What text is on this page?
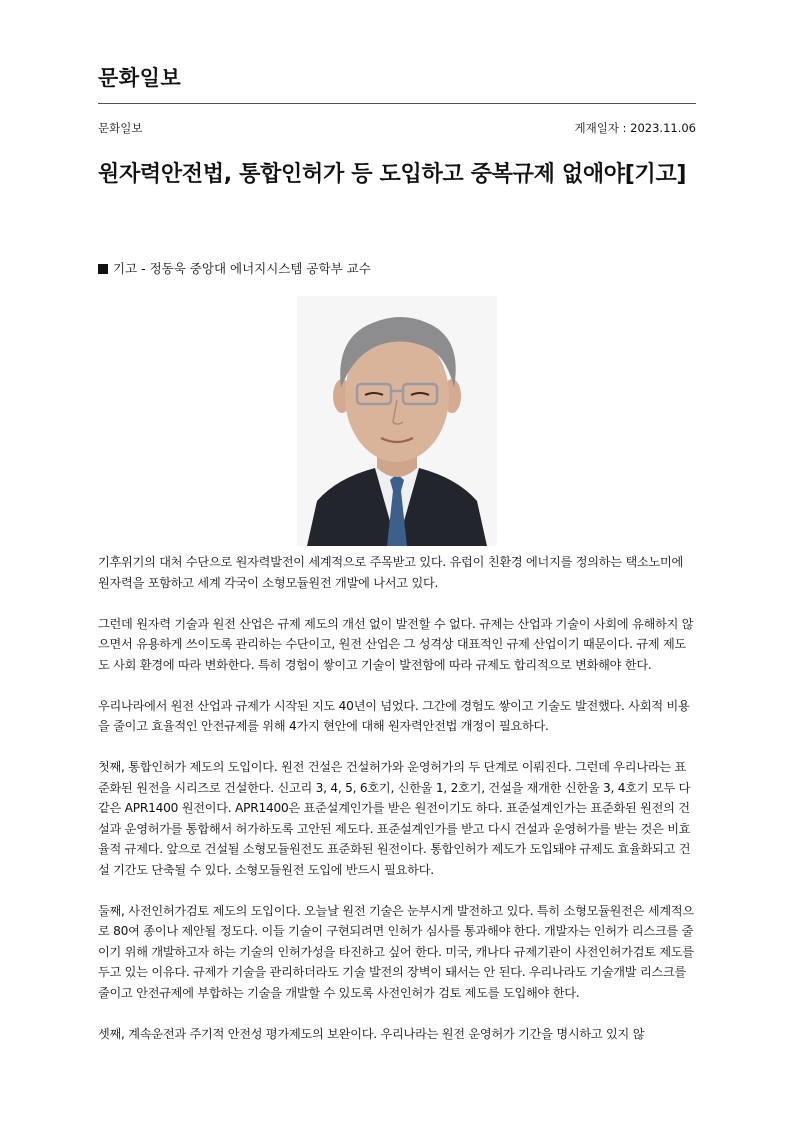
문화일보
문화일보	게재일자 : 2023.11.06
원자력안전법, 통합인허가 등 도입하고 중복규제 없애야[기고]
기고 - 정동욱 중앙대 에너지시스템 공학부 교수

기후위기의 대처 수단으로 원자력발전이 세계적으로 주목받고 있다. 유럽이 친환경 에너지를 정의하는 택소노미에 원자력을 포함하고 세계 각국이 소형모듈원전 개발에 나서고 있다.

그런데 원자력 기술과 원전 산업은 규제 제도의 개선 없이 발전할 수 없다. 규제는 산업과 기술이 사회에 유해하지 않으면서 유용하게 쓰이도록 관리하는 수단이고, 원전 산업은 그 성격상 대표적인 규제 산업이기 때문이다. 규제 제도도 사회 환경에 따라 변화한다. 특히 경험이 쌓이고 기술이 발전함에 따라 규제도 합리적으로 변화해야 한다.

우리나라에서 원전 산업과 규제가 시작된 지도 40년이 넘었다. 그간에 경험도 쌓이고 기술도 발전했다. 사회적 비용을 줄이고 효율적인 안전규제를 위해 4가지 현안에 대해 원자력안전법 개정이 필요하다.

첫째, 통합인허가 제도의 도입이다. 원전 건설은 건설허가와 운영허가의 두 단계로 이뤄진다. 그런데 우리나라는 표준화된 원전을 시리즈로 건설한다. 신고리 3, 4, 5, 6호기, 신한울 1, 2호기, 건설을 재개한 신한울 3, 4호기 모두 다 같은 APR1400 원전이다. APR1400은 표준설계인가를 받은 원전이기도 하다. 표준설계인가는 표준화된 원전의 건설과 운영허가를 통합해서 허가하도록 고안된 제도다. 표준설계인가를 받고 다시 건설과 운영허가를 받는 것은 비효율적 규제다. 앞으로 건설될 소형모듈원전도 표준화된 원전이다. 통합인허가 제도가 도입돼야 규제도 효율화되고 건설 기간도 단축될 수 있다. 소형모듈원전 도입에 반드시 필요하다.

둘째, 사전인허가검토 제도의 도입이다. 오늘날 원전 기술은 눈부시게 발전하고 있다. 특히 소형모듈원전은 세계적으로 80여 종이나 제안될 정도다. 이들 기술이 구현되려면 인허가 심사를 통과해야 한다. 개발자는 인허가 리스크를 줄이기 위해 개발하고자 하는 기술의 인허가성을 타진하고 싶어 한다. 미국, 캐나다 규제기관이 사전인허가검토 제도를 두고 있는 이유다. 규제가 기술을 관리하더라도 기술 발전의 장벽이 돼서는 안 된다. 우리나라도 기술개발 리스크를 줄이고 안전규제에 부합하는 기술을 개발할 수 있도록 사전인허가 검토 제도를 도입해야 한다.

셋째, 계속운전과 주기적 안전성 평가제도의 보완이다. 우리나라는 원전 운영허가 기간을 명시하고 있지 않
